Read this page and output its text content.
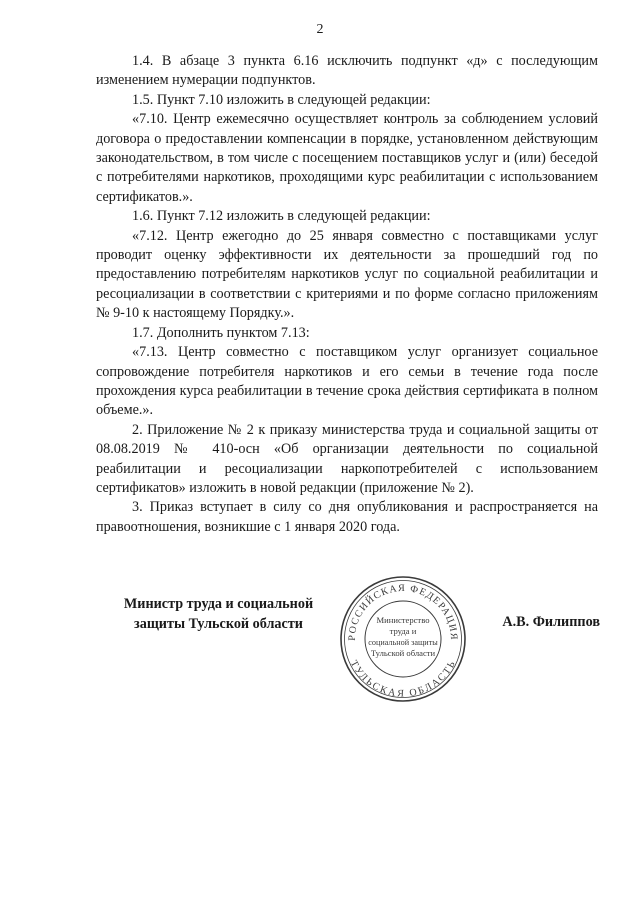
2

1.4. В абзаце 3 пункта 6.16 исключить подпункт «д» с последующим изменением нумерации подпунктов.

1.5. Пункт 7.10 изложить в следующей редакции:

«7.10. Центр ежемесячно осуществляет контроль за соблюдением условий договора о предоставлении компенсации в порядке, установленном действующим законодательством, в том числе с посещением поставщиков услуг и (или) беседой с потребителями наркотиков, проходящими курс реабилитации с использованием сертификатов.».

1.6. Пункт 7.12 изложить в следующей редакции:

«7.12. Центр ежегодно до 25 января совместно с поставщиками услуг проводит оценку эффективности их деятельности за прошедший год по предоставлению потребителям наркотиков услуг по социальной реабилитации и ресоциализации в соответствии с критериями и по форме согласно приложениям № 9-10 к настоящему Порядку.».

1.7. Дополнить пунктом 7.13:

«7.13. Центр совместно с поставщиком услуг организует социальное сопровождение потребителя наркотиков и его семьи в течение года после прохождения курса реабилитации в течение срока действия сертификата в полном объеме.».

2. Приложение № 2 к приказу министерства труда и социальной защиты от 08.08.2019 № 410-осн «Об организации деятельности по социальной реабилитации и ресоциализации наркопотребителей с использованием сертификатов» изложить в новой редакции (приложение № 2).

3. Приказ вступает в силу со дня опубликования и распространяется на правоотношения, возникшие с 1 января 2020 года.

Министр труда и социальной
защиты Тульской области
РОССИЙСКАЯ ФЕДЕРАЦИЯ
ТУЛЬСКАЯ ОБЛАСТЬ
Министерство
труда и
социальной защиты
Тульской области
А.В. Филиппов
